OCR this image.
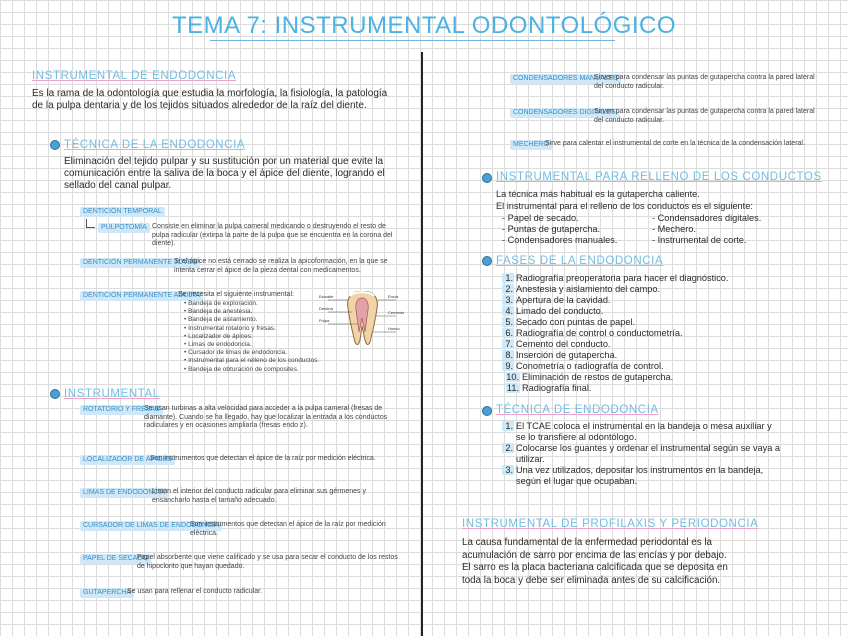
TEMA 7: INSTRUMENTAL ODONTOLÓGICO
INSTRUMENTAL DE ENDODONCIA
Es la rama de la odontología que estudia la morfología, la fisiología, la patología de la pulpa dentaria y de los tejidos situados alrededor de la raíz del diente.
TÉCNICA DE LA ENDODONCIA
Eliminación del tejido pulpar y su sustitución por un material que evite la comunicación entre la saliva de la boca y el ápice del diente, logrando el sellado del canal pulpar.
DENTICIÓN TEMPORAL
PULPOTOMÍA Consiste en eliminar la pulpa cameral medicando o destruyendo el resto de pulpa radicular (extirpa la parte de la pulpa que se encuentra en la corona del diente).
DENTICIÓN PERMANENTE JOVEN
Si el ápice no está cerrado se realiza la apicoformación, en la que se intenta cerrar el ápice de la pieza dental con medicamentos.
DENTICIÓN PERMANENTE ADULTA
Se necesita el siguiente instrumental:
• Bandeja de exploración.
• Bandeja de anestesia.
• Bandeja de aislamiento.
• Instrumental rotatorio y fresas.
• Localizador de ápices.
• Limas de endodoncia.
• Cursador de limas de endodoncia.
• Instrumental para el relleno de los conductos.
• Bandeja de obturación de composites.
Esmalte
Dentina
Pulpa
Encía
Cemento
Hueso
INSTRUMENTAL
ROTATORIO Y FRESAS
Se usan turbinas a alta velocidad para acceder a la pulpa cameral (fresas de diamante). Cuando se ha llegado, hay que localizar la entrada a los conductos radiculares y en ocasiones ampliarla (fresas endo z).
LOCALIZADOR DE ÁPICES
Son instrumentos que detectan el ápice de la raíz por medición eléctrica.
LIMAS DE ENDODONCIA
Liman el interior del conducto radicular para eliminar sus gérmenes y ensancharlo hasta el tamaño adecuado.
CURSADOR DE LIMAS DE ENDODONCIA
Son instrumentos que detectan el ápice de la raíz por medición eléctrica.
PAPEL DE SECADO
Papel absorbente que viene calificado y se usa para secar el conducto de los restos de hipoclorito que hayan quedado.
GUTAPERCHA
Se usan para rellenar el conducto radicular.
CONDENSADORES MANUALES
Sirven para condensar las puntas de gutapercha contra la pared lateral del conducto radicular.
CONDENSADORES DIGITALES
Sirven para condensar las puntas de gutapercha contra la pared lateral del conducto radicular.
MECHERO
Sirve para calentar el instrumental de corte en la técnica de la condensación lateral.
INSTRUMENTAL PARA RELLENO DE LOS CONDUCTOS
La técnica más habitual es la gutapercha caliente.
El instrumental para el relleno de los conductos es el siguiente:
- Papel de secado.
- Puntas de gutapercha.
- Condensadores manuales.
- Condensadores digitales.
- Mechero.
- Instrumental de corte.
FASES DE LA ENDODONCIA
1. Radiografía preoperatoria para hacer el diagnóstico.
2. Anestesia y aislamiento del campo.
3. Apertura de la cavidad.
4. Limado del conducto.
5. Secado con puntas de papel.
6. Radiografía de control o conductometría.
7. Cemento del conducto.
8. Inserción de gutapercha.
9. Conometría o radiografía de control.
10. Eliminación de restos de gutapercha.
11. Radiografía final.
TÉCNICA DE ENDODONCIA
1. El TCAE coloca el instrumental en la bandeja o mesa auxiliar y
se lo transfiere al odontólogo.
2. Colocarse los guantes y ordenar el instrumental según se vaya a
utilizar.
3. Una vez utilizados, depositar los instrumentos en la bandeja,
según el lugar que ocupaban.
INSTRUMENTAL DE PROFILAXIS Y PERIODONCIA
La causa fundamental de la enfermedad periodontal es la
acumulación de sarro por encima de las encías y por debajo.
El sarro es la placa bacteriana calcificada que se deposita en
toda la boca y debe ser eliminada antes de su calcificación.
